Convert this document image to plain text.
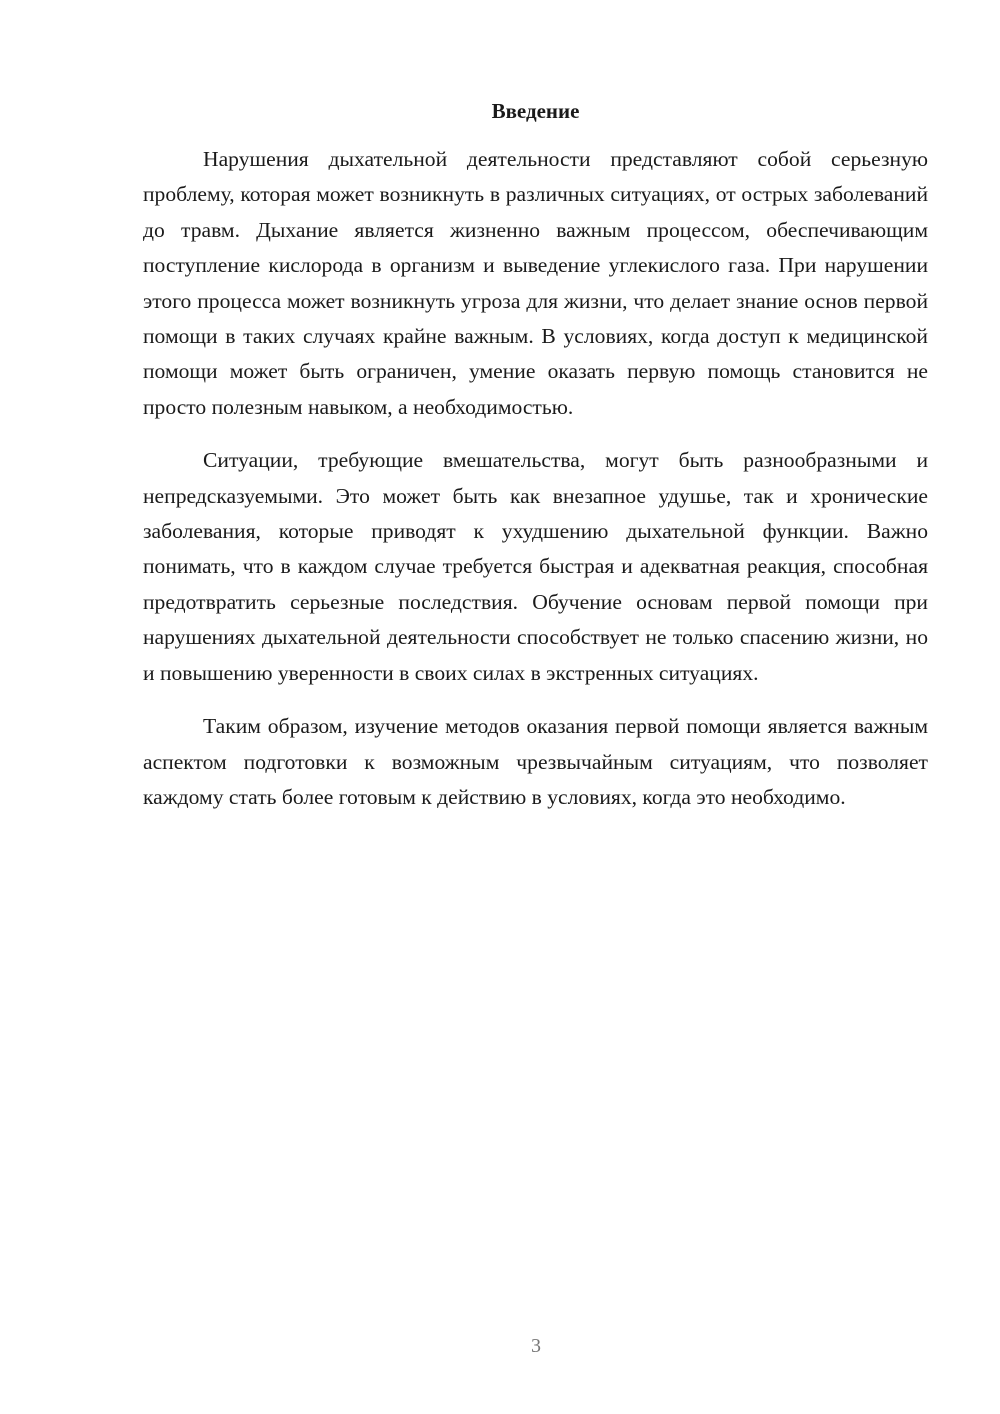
Введение

Нарушения дыхательной деятельности представляют собой серьезную проблему, которая может возникнуть в различных ситуациях, от острых заболеваний до травм. Дыхание является жизненно важным процессом, обеспечивающим поступление кислорода в организм и выведение углекислого газа. При нарушении этого процесса может возникнуть угроза для жизни, что делает знание основ первой помощи в таких случаях крайне важным. В условиях, когда доступ к медицинской помощи может быть ограничен, умение оказать первую помощь становится не просто полезным навыком, а необходимостью.

Ситуации, требующие вмешательства, могут быть разнообразными и непредсказуемыми. Это может быть как внезапное удушье, так и хронические заболевания, которые приводят к ухудшению дыхательной функции. Важно понимать, что в каждом случае требуется быстрая и адекватная реакция, способная предотвратить серьезные последствия. Обучение основам первой помощи при нарушениях дыхательной деятельности способствует не только спасению жизни, но и повышению уверенности в своих силах в экстренных ситуациях.

Таким образом, изучение методов оказания первой помощи является важным аспектом подготовки к возможным чрезвычайным ситуациям, что позволяет каждому стать более готовым к действию в условиях, когда это необходимо.

3
